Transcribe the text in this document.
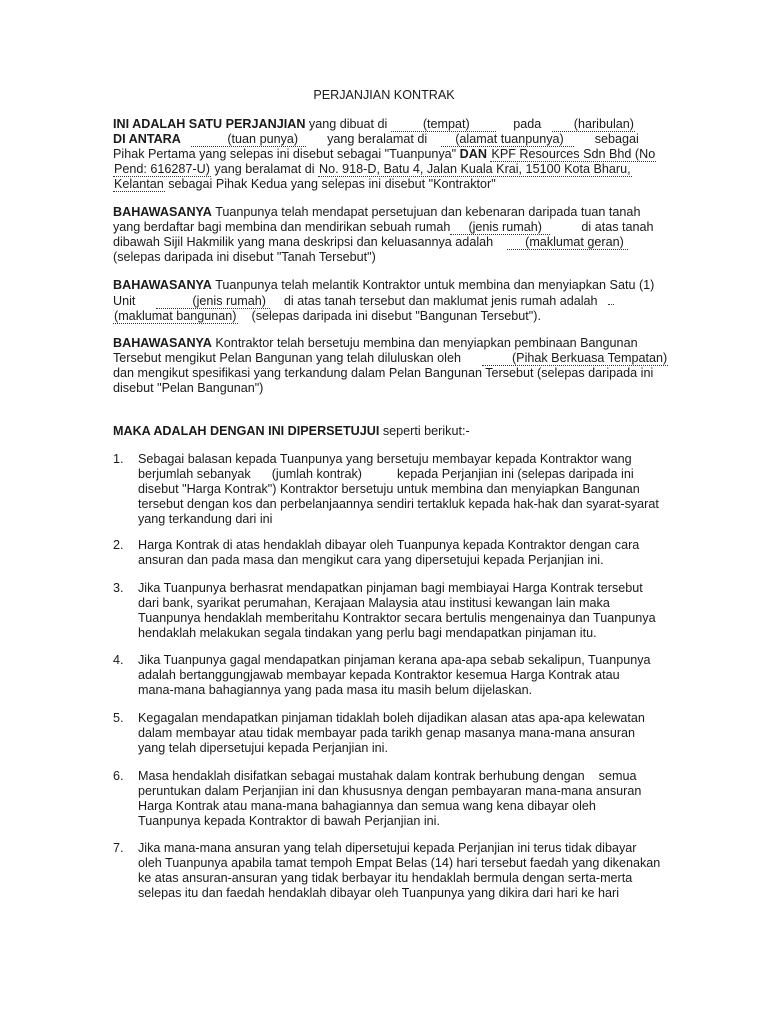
PERJANJIAN KONTRAK
INI ADALAH SATU PERJANJIAN yang dibuat di	(tempat)	pada	(haribulan)
DI ANTARA	(tuan punya) yang beralamat di (alamat tuanpunya) sebagai
Pihak Pertama yang selepas ini disebut sebagai "Tuanpunya" DAN KPF Resources Sdn Bhd (No
Pend: 616287-U) yang beralamat di No. 918-D, Batu 4, Jalan Kuala Krai, 15100 Kota Bharu,
Kelantan sebagai Pihak Kedua yang selepas ini disebut "Kontraktor"
BAHAWASANYA Tuanpunya telah mendapat persetujuan dan kebenaran daripada tuan tanah
yang berdaftar bagi membina dan mendirikan sebuah rumah (jenis rumah)	di atas tanah
dibawah Sijil Hakmilik yang mana deskripsi dan keluasannya adalah	(maklumat geran)
(selepas daripada ini disebut "Tanah Tersebut")
BAHAWASANYA Tuanpunya telah melantik Kontraktor untuk membina dan menyiapkan Satu (1)
Unit	(jenis rumah) di atas tanah tersebut dan maklumat jenis rumah adalah
(maklumat bangunan) (selepas daripada ini disebut "Bangunan Tersebut").
BAHAWASANYA Kontraktor telah bersetuju membina dan menyiapkan pembinaan Bangunan
Tersebut mengikut Pelan Bangunan yang telah diluluskan oleh	(Pihak Berkuasa Tempatan)
dan mengikut spesifikasi yang terkandung dalam Pelan Bangunan Tersebut (selepas daripada ini
disebut "Pelan Bangunan")
MAKA ADALAH DENGAN INI DIPERSETUJUI seperti berikut:-
1. Sebagai balasan kepada Tuanpunya yang bersetuju membayar kepada Kontraktor wang
berjumlah sebanyak      (jumlah kontrak)          kepada Perjanjian ini (selepas daripada ini
disebut "Harga Kontrak") Kontraktor bersetuju untuk membina dan menyiapkan Bangunan
tersebut dengan kos dan perbelanjaannya sendiri tertakluk kepada hak-hak dan syarat-syarat
yang terkandung dari ini
2. Harga Kontrak di atas hendaklah dibayar oleh Tuanpunya kepada Kontraktor dengan cara
ansuran dan pada masa dan mengikut cara yang dipersetujui kepada Perjanjian ini.
3. Jika Tuanpunya berhasrat mendapatkan pinjaman bagi membiayai Harga Kontrak tersebut
dari bank, syarikat perumahan, Kerajaan Malaysia atau institusi kewangan lain maka
Tuanpunya hendaklah memberitahu Kontraktor secara bertulis mengenainya dan Tuanpunya
hendaklah melakukan segala tindakan yang perlu bagi mendapatkan pinjaman itu.
4. Jika Tuanpunya gagal mendapatkan pinjaman kerana apa-apa sebab sekalipun, Tuanpunya
adalah bertanggungjawab membayar kepada Kontraktor kesemua Harga Kontrak atau
mana-mana bahagiannya yang pada masa itu masih belum dijelaskan.
5. Kegagalan mendapatkan pinjaman tidaklah boleh dijadikan alasan atas apa-apa kelewatan
dalam membayar atau tidak membayar pada tarikh genap masanya mana-mana ansuran
yang telah dipersetujui kepada Perjanjian ini.
6. Masa hendaklah disifatkan sebagai mustahak dalam kontrak berhubung dengan    semua
peruntukan dalam Perjanjian ini dan khususnya dengan pembayaran mana-mana ansuran
Harga Kontrak atau mana-mana bahagiannya dan semua wang kena dibayar oleh
Tuanpunya kepada Kontraktor di bawah Perjanjian ini.
7. Jika mana-mana ansuran yang telah dipersetujui kepada Perjanjian ini terus tidak dibayar
oleh Tuanpunya apabila tamat tempoh Empat Belas (14) hari tersebut faedah yang dikenakan
ke atas ansuran-ansuran yang tidak berbayar itu hendaklah bermula dengan serta-merta
selepas itu dan faedah hendaklah dibayar oleh Tuanpunya yang dikira dari hari ke hari
